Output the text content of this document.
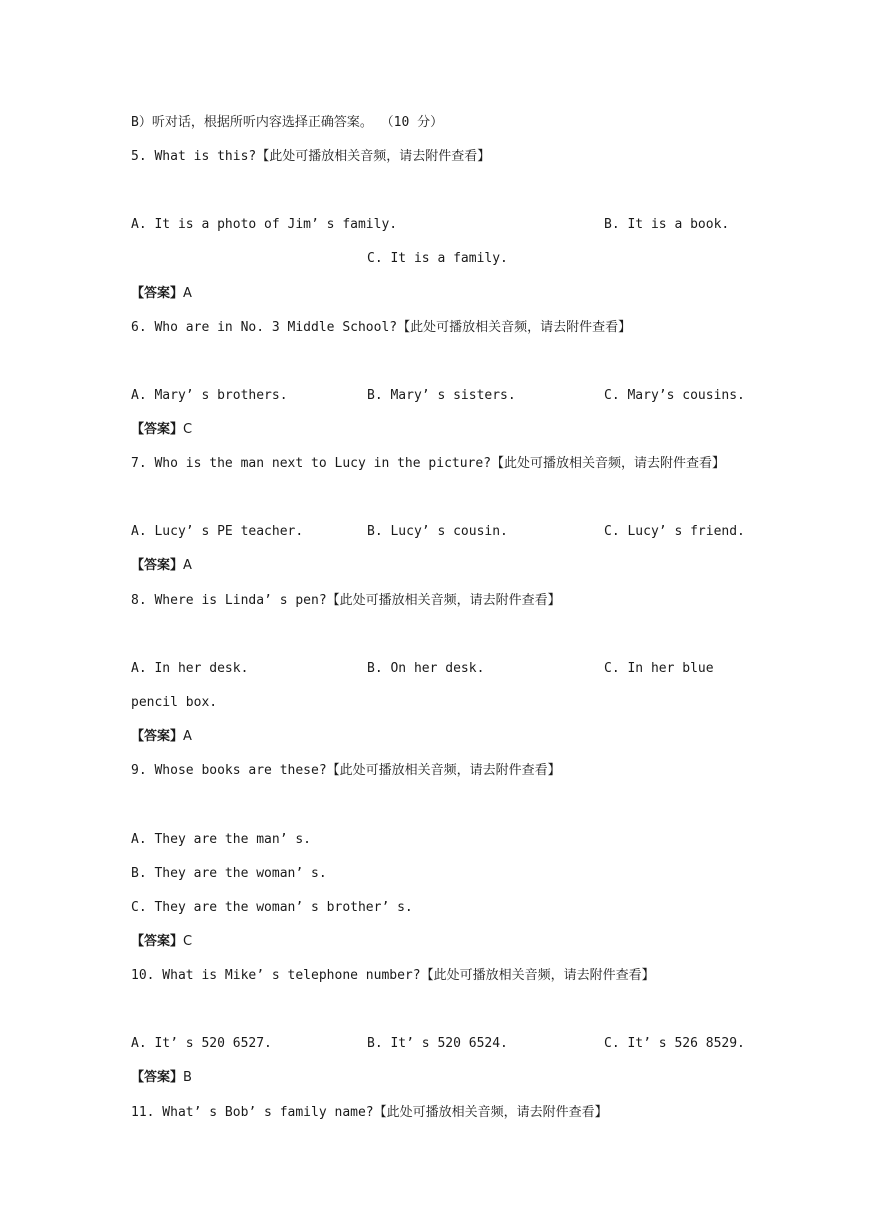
B）听对话，根据所听内容选择正确答案。 （10 分）
5. What is this?【此处可播放相关音频，请去附件查看】
A. It is a photo of Jim’ s family.	B. It is a book.
C. It is a family.
【答案】A
6. Who are in No. 3 Middle School?【此处可播放相关音频，请去附件查看】
A. Mary’ s brothers.	B. Mary’ s sisters.	C. Mary’s cousins.
【答案】C
7. Who is the man next to Lucy in the picture?【此处可播放相关音频，请去附件查看】
A. Lucy’ s PE teacher.	B. Lucy’ s cousin.	C. Lucy’ s friend.
【答案】A
8. Where is Linda’ s pen?【此处可播放相关音频，请去附件查看】
A. In her desk.	B. On her desk.	C. In her blue
pencil box.
【答案】A
9. Whose books are these?【此处可播放相关音频，请去附件查看】
A. They are the man’ s.
B. They are the woman’ s.
C. They are the woman’ s brother’ s.
【答案】C
10. What is Mike’ s telephone number?【此处可播放相关音频，请去附件查看】
A. It’ s 520 6527.	B. It’ s 520 6524.	C. It’ s 526 8529.
【答案】B
11. What’ s Bob’ s family name?【此处可播放相关音频，请去附件查看】
